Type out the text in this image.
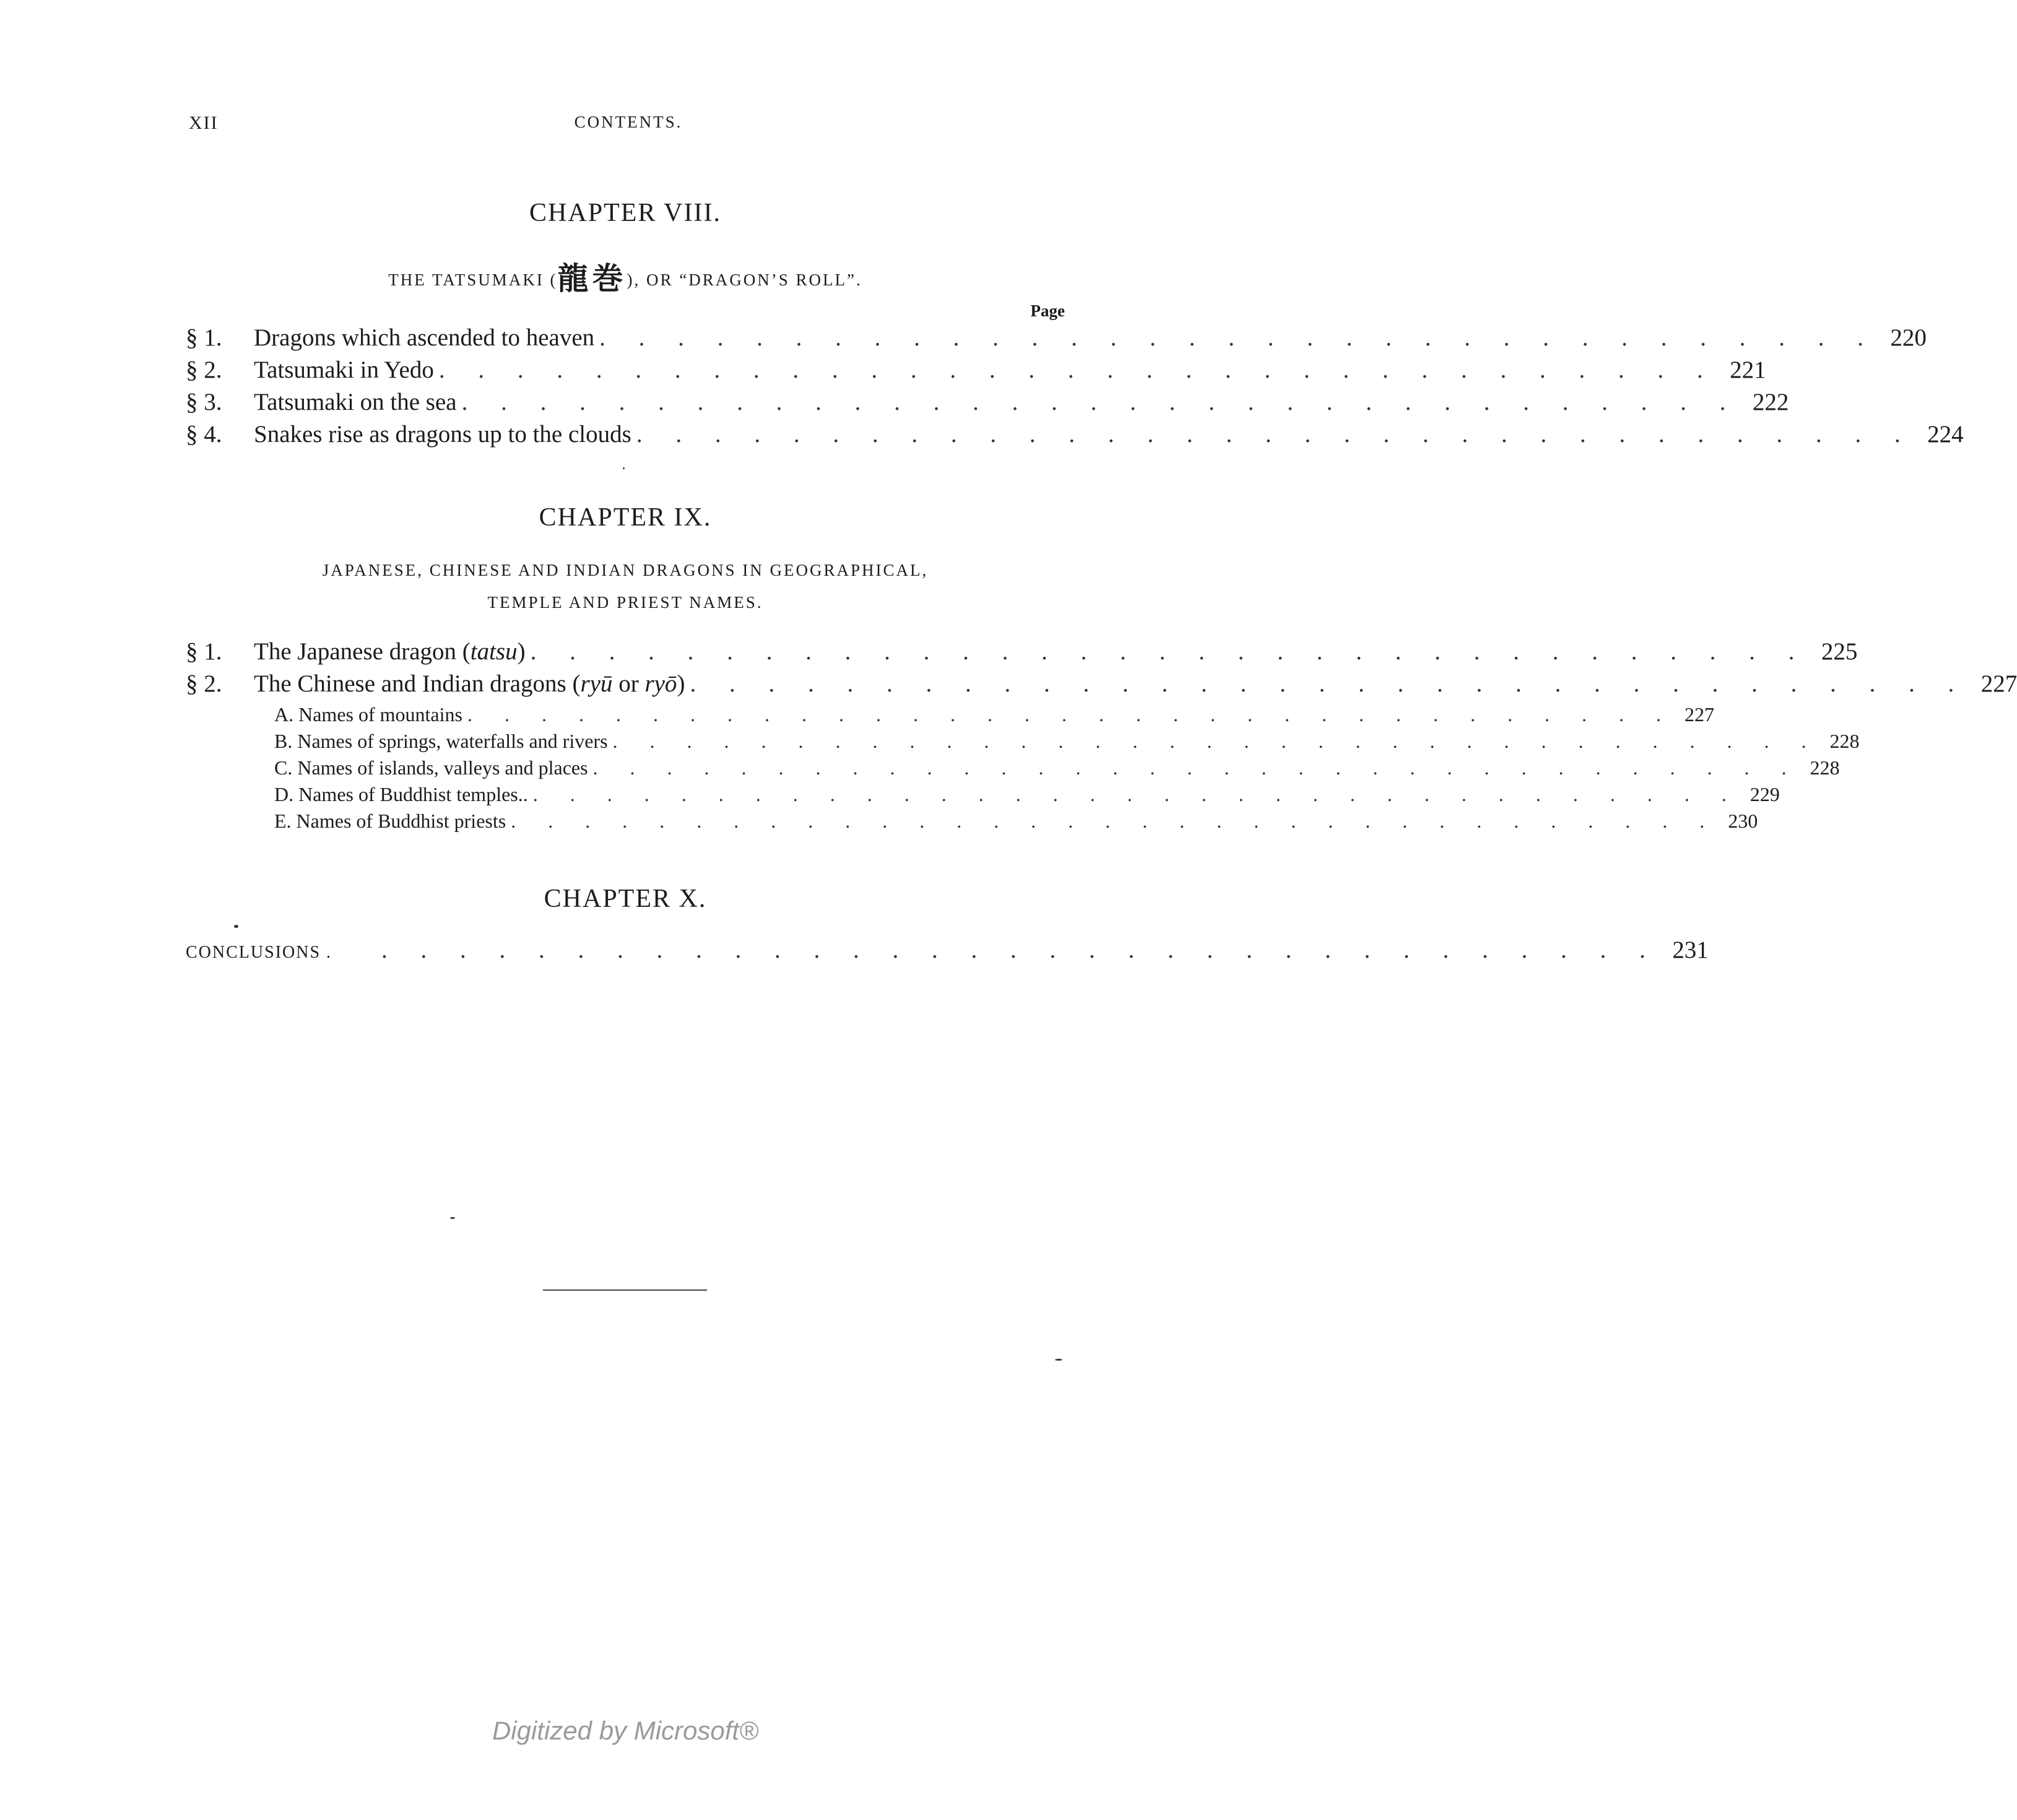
XII	CONTENTS.
CHAPTER VIII.
THE TATSUMAKI (龍巻), OR “DRAGON’S ROLL”.
Page
§ 1.	Dragons which ascended to heaven . . . . . . . . . . . . . . . . . . . . . . . . . . . . . . . . . 220
§ 2.	Tatsumaki in Yedo . . . . . . . . . . . . . . . . . . . . . . . . . . . . . . . . . 221
§ 3.	Tatsumaki on the sea . . . . . . . . . . . . . . . . . . . . . . . . . . . . . . . . . 222
§ 4.	Snakes rise as dragons up to the clouds . . . . . . . . . . . . . . . . . . . . . . . . . . . . . . . . . 224
CHAPTER IX.
JAPANESE, CHINESE AND INDIAN DRAGONS IN GEOGRAPHICAL,
TEMPLE AND PRIEST NAMES.
§ 1.	The Japanese dragon (tatsu) . . . . . . . . . . . . . . . . . . . . . . . . . . . . . . . . . 225
§ 2.	The Chinese and Indian dragons (ryū or ryō) . . . . . . . . . . . . . . . . . . . . . . . . . . . . . . . . . 227
A. Names of mountains . . . . . . . . . . . . . . . . . . . . . . . . . . . . . . . . . 227
B. Names of springs, waterfalls and rivers . . . . . . . . . . . . . . . . . . . . . . . . . . . . . . . . . 228
C. Names of islands, valleys and places . . . . . . . . . . . . . . . . . . . . . . . . . . . . . . . . . 228
D. Names of Buddhist temples.. . . . . . . . . . . . . . . . . . . . . . . . . . . . . . . . . . 229
E. Names of Buddhist priests . . . . . . . . . . . . . . . . . . . . . . . . . . . . . . . . . 230
CHAPTER X.
CONCLUSIONS .	. . . . . . . . . . . . . . . . . . . . . . . . . . . . . . . . . 231
Digitized by Microsoft®
